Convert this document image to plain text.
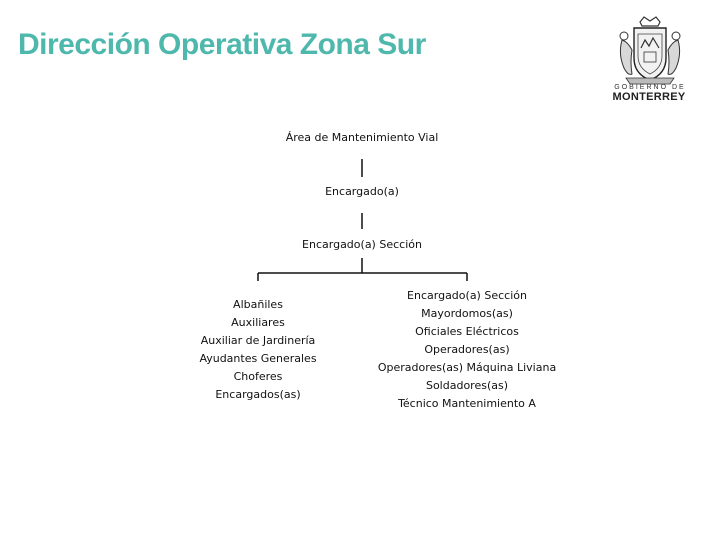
Dirección Operativa Zona Sur
GOBIERNO DE
MONTERREY
Área de Mantenimiento Vial
Encargado(a)
Encargado(a) Sección
Albañiles
Auxiliares
Auxiliar de Jardinería
Ayudantes Generales
Choferes
Encargados(as)
Encargado(a) Sección
Mayordomos(as)
Oficiales Eléctricos
Operadores(as)
Operadores(as) Máquina Liviana
Soldadores(as)
Técnico Mantenimiento A
